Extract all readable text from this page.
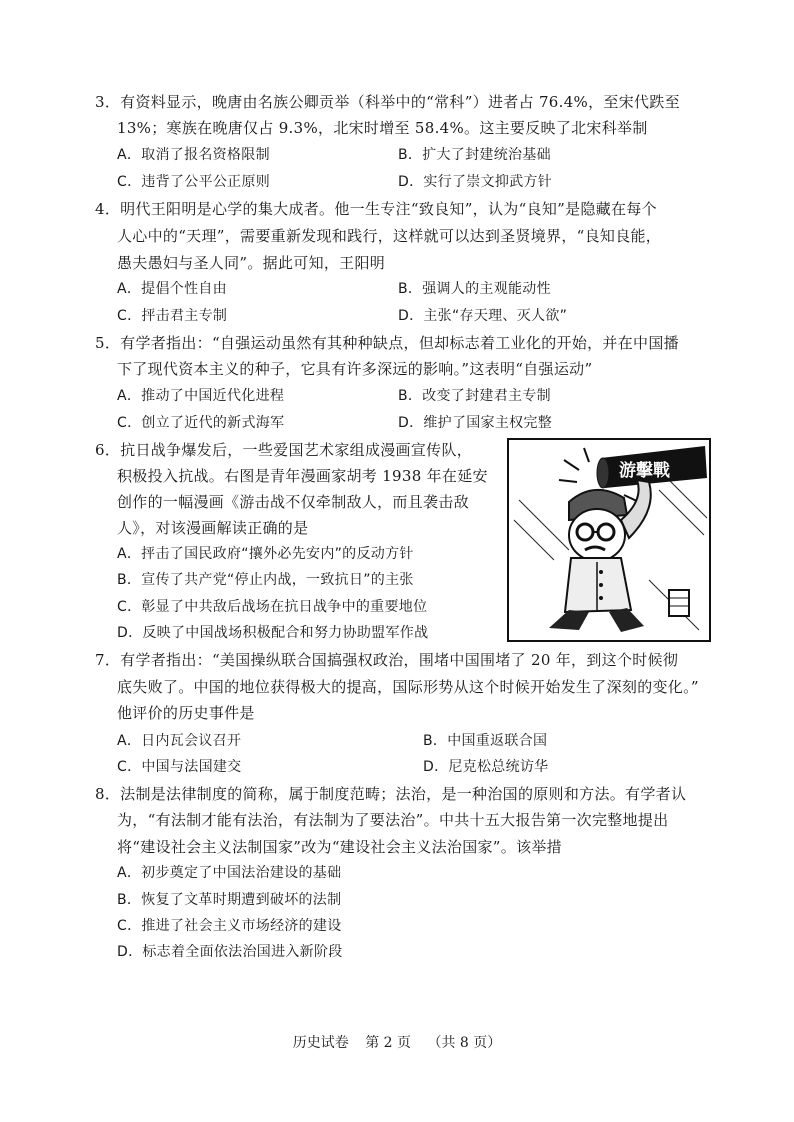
3．有资料显示，晚唐由名族公卿贡举（科举中的“常科”）进者占 76.4%，至宋代跌至
13%；寒族在晚唐仅占 9.3%，北宋时增至 58.4%。这主要反映了北宋科举制
A．取消了报名资格限制	B．扩大了封建统治基础
C．违背了公平公正原则	D．实行了崇文抑武方针
4．明代王阳明是心学的集大成者。他一生专注“致良知”，认为“良知”是隐藏在每个
人心中的“天理”，需要重新发现和践行，这样就可以达到圣贤境界，“良知良能，
愚夫愚妇与圣人同”。据此可知，王阳明
A．提倡个性自由	B．强调人的主观能动性
C．抨击君主专制	D．主张“存天理、灭人欲”
5．有学者指出：“自强运动虽然有其种种缺点，但却标志着工业化的开始，并在中国播
下了现代资本主义的种子，它具有许多深远的影响。”这表明“自强运动”
A．推动了中国近代化进程	B．改变了封建君主专制
C．创立了近代的新式海军	D．维护了国家主权完整
6．抗日战争爆发后，一些爱国艺术家组成漫画宣传队，
积极投入抗战。右图是青年漫画家胡考 1938 年在延安
创作的一幅漫画《游击战不仅牵制敌人，而且袭击敌
人》，对该漫画解读正确的是
A．抨击了国民政府“攘外必先安内”的反动方针
B．宣传了共产党“停止内战，一致抗日”的主张
C．彰显了中共敌后战场在抗日战争中的重要地位
D．反映了中国战场积极配合和努力协助盟军作战
游擊戰
7．有学者指出：“美国操纵联合国搞强权政治，围堵中国围堵了 20 年，到这个时候彻
底失败了。中国的地位获得极大的提高，国际形势从这个时候开始发生了深刻的变化。”
他评价的历史事件是
A．日内瓦会议召开	B．中国重返联合国
C．中国与法国建交	D．尼克松总统访华
8．法制是法律制度的简称，属于制度范畴；法治，是一种治国的原则和方法。有学者认
为，“有法制才能有法治，有法制为了要法治”。中共十五大报告第一次完整地提出
将“建设社会主义法制国家”改为“建设社会主义法治国家”。该举措
A．初步奠定了中国法治建设的基础
B．恢复了文革时期遭到破坏的法制
C．推进了社会主义市场经济的建设
D．标志着全面依法治国进入新阶段
历史试卷 第 2 页 （共 8 页）
